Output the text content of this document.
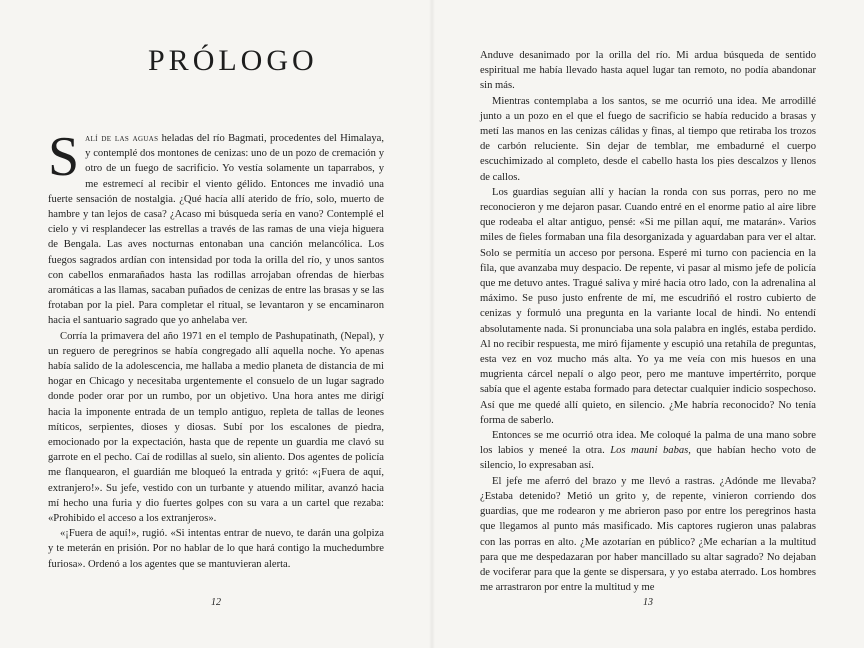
PRÓLOGO

Salí de las aguas heladas del río Bagmati, procedentes del Himalaya, y contemplé dos montones de cenizas: uno de un pozo de cremación y otro de un fuego de sacrificio. Yo vestía solamente un taparrabos, y me estremecí al recibir el viento gélido. Entonces me invadió una fuerte sensación de nostalgia. ¿Qué hacía allí aterido de frío, solo, muerto de hambre y tan lejos de casa? ¿Acaso mi búsqueda sería en vano? Contemplé el cielo y vi resplandecer las estrellas a través de las ramas de una vieja higuera de Bengala. Las aves nocturnas entonaban una canción melancólica. Los fuegos sagrados ardían con intensidad por toda la orilla del río, y unos santos con cabellos enmarañados hasta las rodillas arrojaban ofrendas de hierbas aromáticas a las llamas, sacaban puñados de cenizas de entre las brasas y se las frotaban por la piel. Para completar el ritual, se levantaron y se encaminaron hacia el santuario sagrado que yo anhelaba ver.

Corría la primavera del año 1971 en el templo de Pashupatinath, (Nepal), y un reguero de peregrinos se había congregado allí aquella noche. Yo apenas había salido de la adolescencia, me hallaba a medio planeta de distancia de mi hogar en Chicago y necesitaba urgentemente el consuelo de un lugar sagrado donde poder orar por un rumbo, por un objetivo. Una hora antes me dirigí hacia la imponente entrada de un templo antiguo, repleta de tallas de leones míticos, serpientes, dioses y diosas. Subí por los escalones de piedra, emocionado por la expectación, hasta que de repente un guardia me clavó su garrote en el pecho. Caí de rodillas al suelo, sin aliento. Dos agentes de policía me flanquearon, el guardián me bloqueó la entrada y gritó: «¡Fuera de aquí, extranjero!». Su jefe, vestido con un turbante y atuendo militar, avanzó hacia mí hecho una furia y dio fuertes golpes con su vara a un cartel que rezaba: «Prohibido el acceso a los extranjeros».

«¡Fuera de aquí!», rugió. «Si intentas entrar de nuevo, te darán una golpiza y te meterán en prisión. Por no hablar de lo que hará contigo la muchedumbre furiosa». Ordenó a los agentes que se mantuvieran alerta.

12

Anduve desanimado por la orilla del río. Mi ardua búsqueda de sentido espiritual me había llevado hasta aquel lugar tan remoto, no podía abandonar sin más.

Mientras contemplaba a los santos, se me ocurrió una idea. Me arrodillé junto a un pozo en el que el fuego de sacrificio se había reducido a brasas y metí las manos en las cenizas cálidas y finas, al tiempo que retiraba los trozos de carbón reluciente. Sin dejar de temblar, me embadurné el cuerpo escuchimizado al completo, desde el cabello hasta los pies descalzos y llenos de callos.

Los guardias seguían allí y hacían la ronda con sus porras, pero no me reconocieron y me dejaron pasar. Cuando entré en el enorme patio al aire libre que rodeaba el altar antiguo, pensé: «Si me pillan aquí, me matarán». Varios miles de fieles formaban una fila desorganizada y aguardaban para ver el altar. Solo se permitía un acceso por persona. Esperé mi turno con paciencia en la fila, que avanzaba muy despacio. De repente, vi pasar al mismo jefe de policía que me detuvo antes. Tragué saliva y miré hacia otro lado, con la adrenalina al máximo. Se puso justo enfrente de mí, me escudriñó el rostro cubierto de cenizas y formuló una pregunta en la variante local de hindi. No entendí absolutamente nada. Si pronunciaba una sola palabra en inglés, estaba perdido. Al no recibir respuesta, me miró fijamente y escupió una retahíla de preguntas, esta vez en voz mucho más alta. Yo ya me veía con mis huesos en una mugrienta cárcel nepalí o algo peor, pero me mantuve impertérrito, porque sabía que el agente estaba formado para detectar cualquier indicio sospechoso. Así que me quedé allí quieto, en silencio. ¿Me habría reconocido? No tenía forma de saberlo.

Entonces se me ocurrió otra idea. Me coloqué la palma de una mano sobre los labios y meneé la otra. Los mauni babas, que habían hecho voto de silencio, lo expresaban así.

El jefe me aferró del brazo y me llevó a rastras. ¿Adónde me llevaba? ¿Estaba detenido? Metió un grito y, de repente, vinieron corriendo dos guardias, que me rodearon y me abrieron paso por entre los peregrinos hasta que llegamos al punto más masificado. Mis captores rugieron unas palabras con las porras en alto. ¿Me azotarían en público? ¿Me echarían a la multitud para que me despedazaran por haber mancillado su altar sagrado? No dejaban de vociferar para que la gente se dispersara, y yo estaba aterrado. Los hombres me arrastraron por entre la multitud y me

13
